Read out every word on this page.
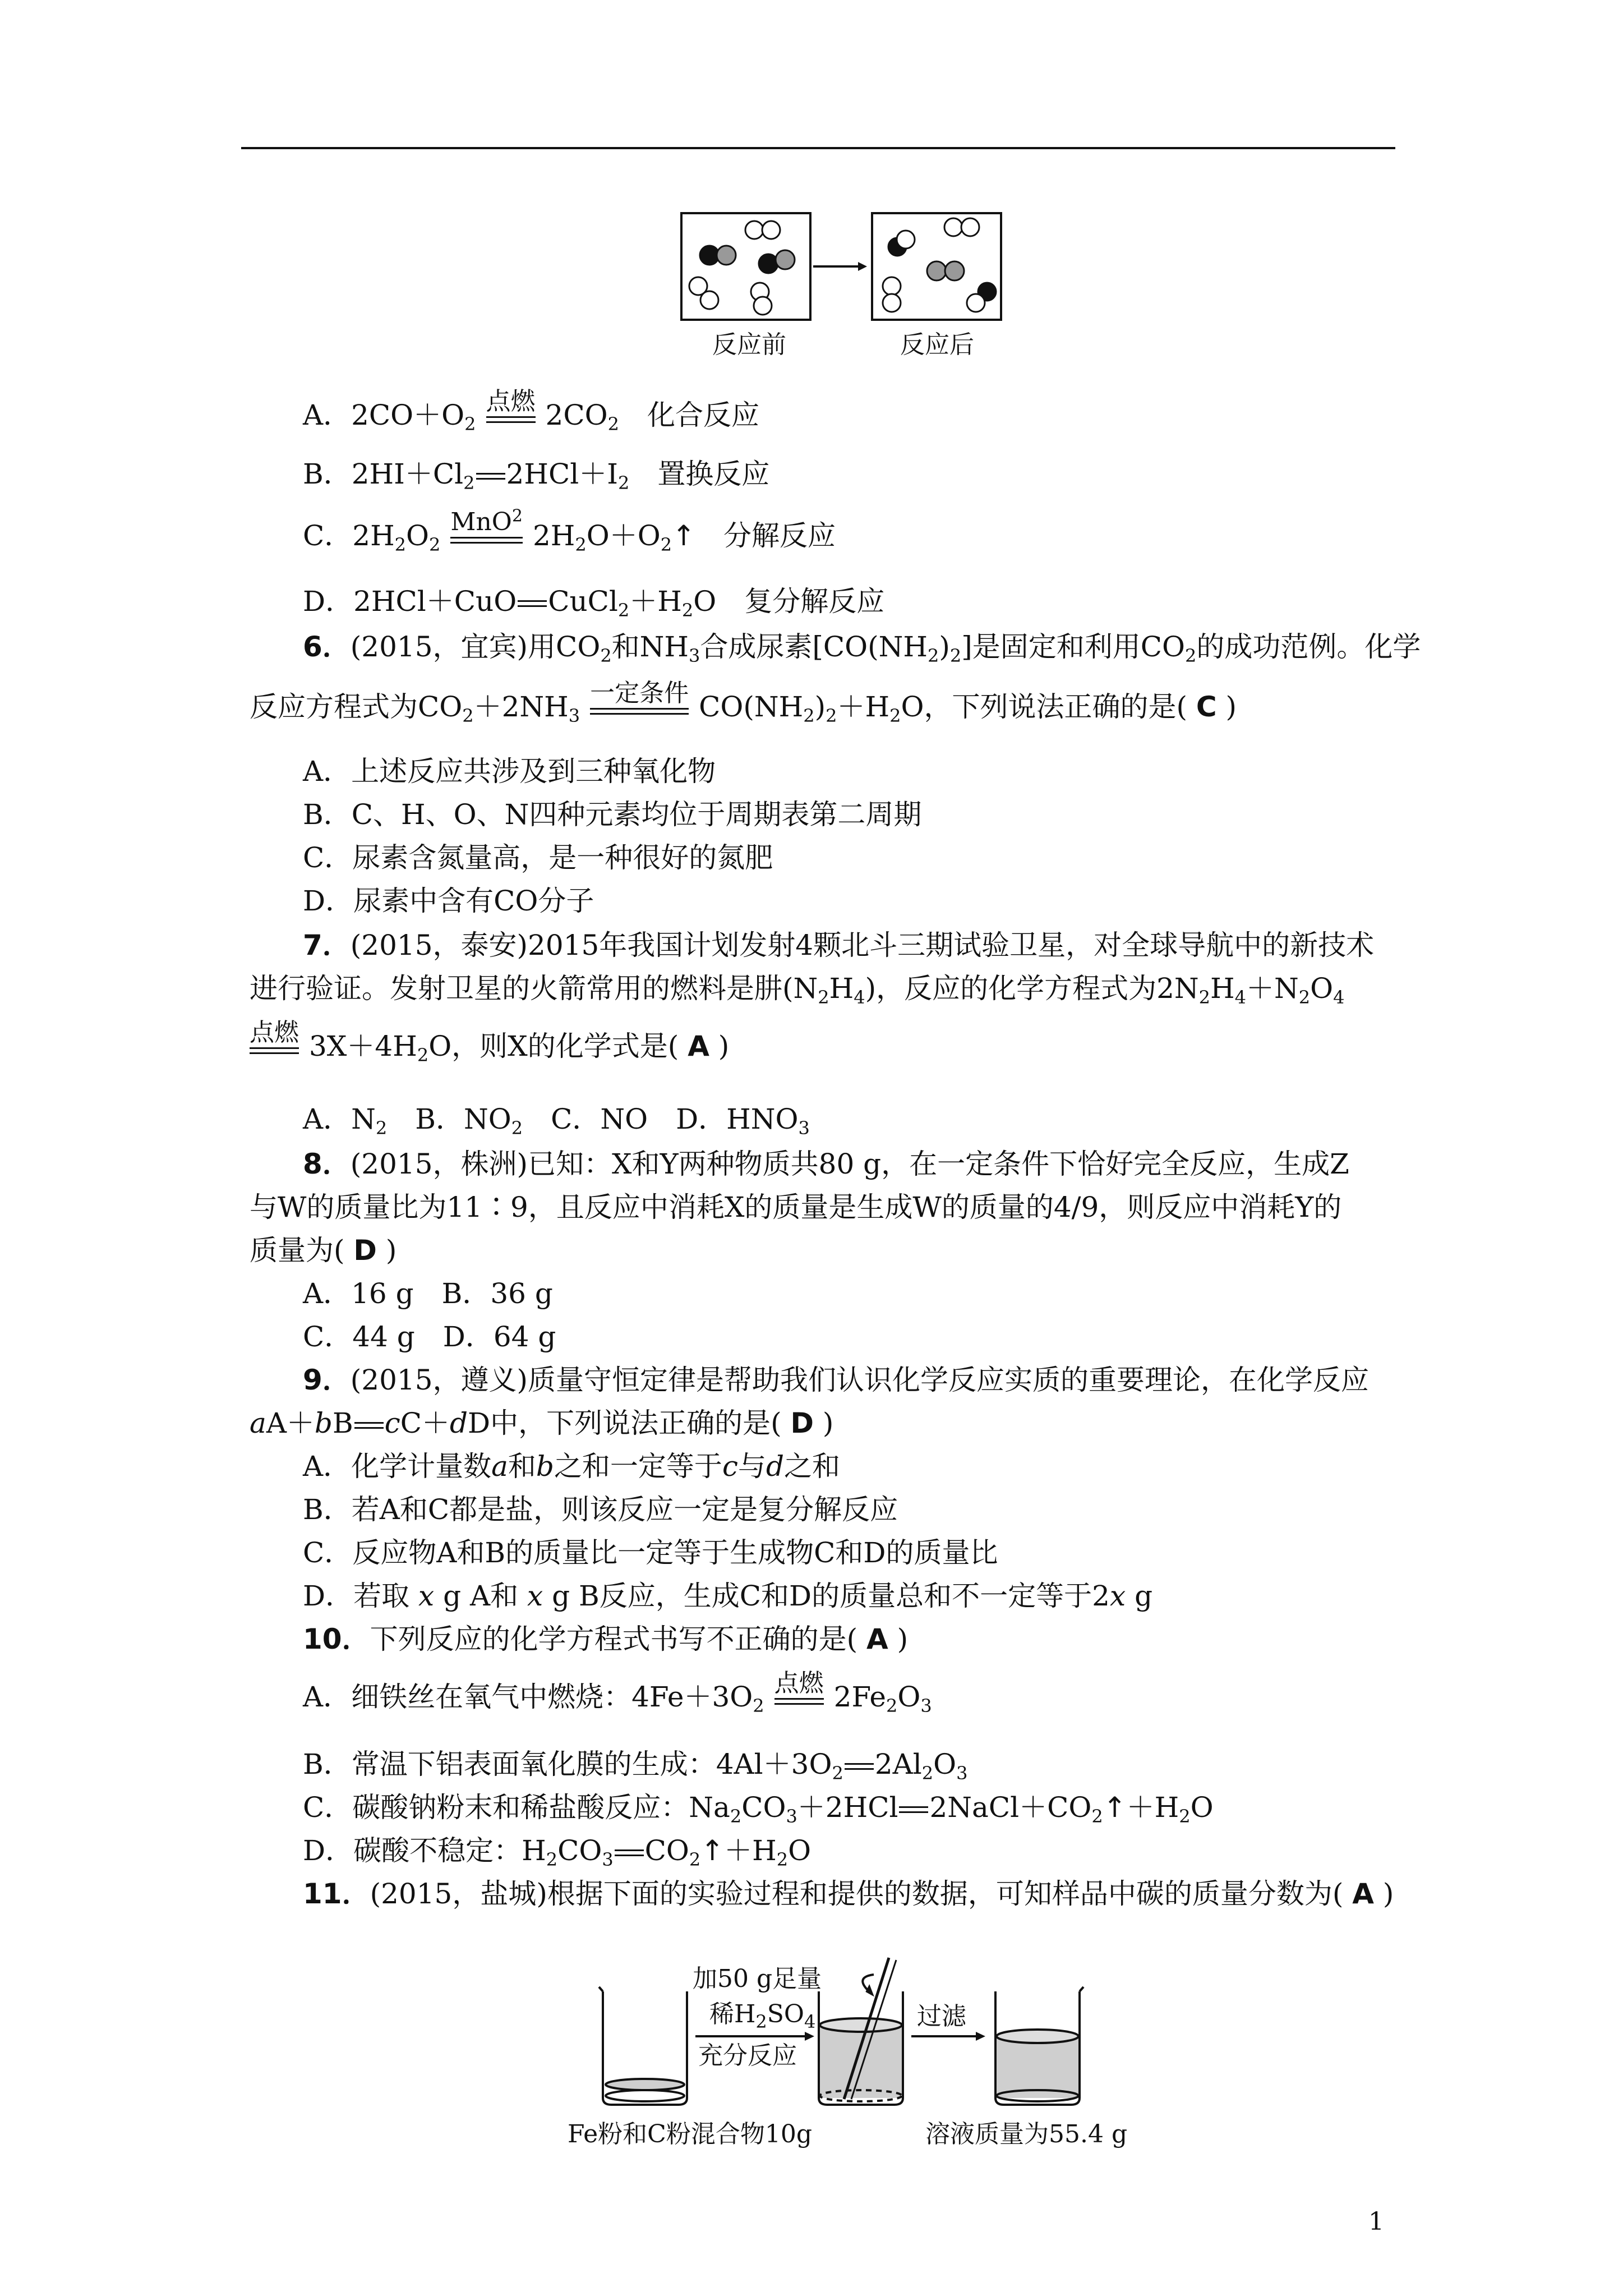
反应前	反应后
A．$2CO+O_2$
点燃 $2CO_2$　 化合反应
B．$2HI+Cl_2$ $2HCl+I_2$　 置换反应
C．$2H_2O_2$
MnO$^2$
$2H_2O+O_2↑$　 分解反应
D．2HCl＋CuO $CuCl_2+H_2O$　复分解反应
6．(2015，宜宾)用$CO_2$和$NH_3$合成尿素$[CO(NH_2)_2]$是固定和利用$CO_2$的成功范例。化学
反应方程式为$CO_2+2NH_3$
一定条件 $CO(NH_2)_2+H_2O$，下列说法正确的是( C )
A．上述反应共涉及到三种氧化物
B．C、H、O、N四种元素均位于周期表第二周期
C．尿素含氮量高，是一种很好的氮肥
D．尿素中含有CO分子
7．(2015，泰安)2015年我国计划发射4颗北斗三期试验卫星，对全球导航中的新技术
进行验证。发射卫星的火箭常用的燃料是肼$(N_2H_4)$，反应的化学方程式为$2N_2H_4+N_2O_4$
点燃 $3X+4H_2O$，则X的化学式是( A )
A．$N_2$　 B．$NO_2$　 C．NO　 D．$HNO_3$
8．(2015，株洲)已知：X和Y两种物质共80 g，在一定条件下恰好完全反应，生成Z
与W的质量比为11∶9，且反应中消耗X的质量是生成W的质量的4/9，则反应中消耗Y的
质量为( D )
A．16 g　B．36 g
C．44 g　D．64 g
9．(2015，遵义)质量守恒定律是帮助我们认识化学反应实质的重要理论，在化学反应
aA＋bB cC＋dD中，下列说法正确的是( D )
A．化学计量数a和b之和一定等于c与d之和
B．若A和C都是盐，则该反应一定是复分解反应
C．反应物A和B的质量比一定等于生成物C和D的质量比
D．若取 x g A和 x g B反应，生成C和D的质量总和不一定等于2x g
10．下列反应的化学方程式书写不正确的是( A )
A．细铁丝在氧气中燃烧：$4Fe+3O_2$
点燃 $2Fe_2O_3$
B．常温下铝表面氧化膜的生成：$4Al+3O_2$ $2Al_2O_3$
C．碳酸钠粉末和稀盐酸反应：$Na_2CO_3+2HCl$ $2NaCl+CO_2↑+H_2O$
D．碳酸不稳定：$H_2CO_3$ $CO_2↑+H_2O$
11．(2015，盐城)根据下面的实验过程和提供的数据，可知样品中碳的质量分数为( A )
加50 g足量
稀$H_2SO_4$
充分反应
过滤
Fe粉和C粉混合物10g	溶液质量为55.4 g
1
